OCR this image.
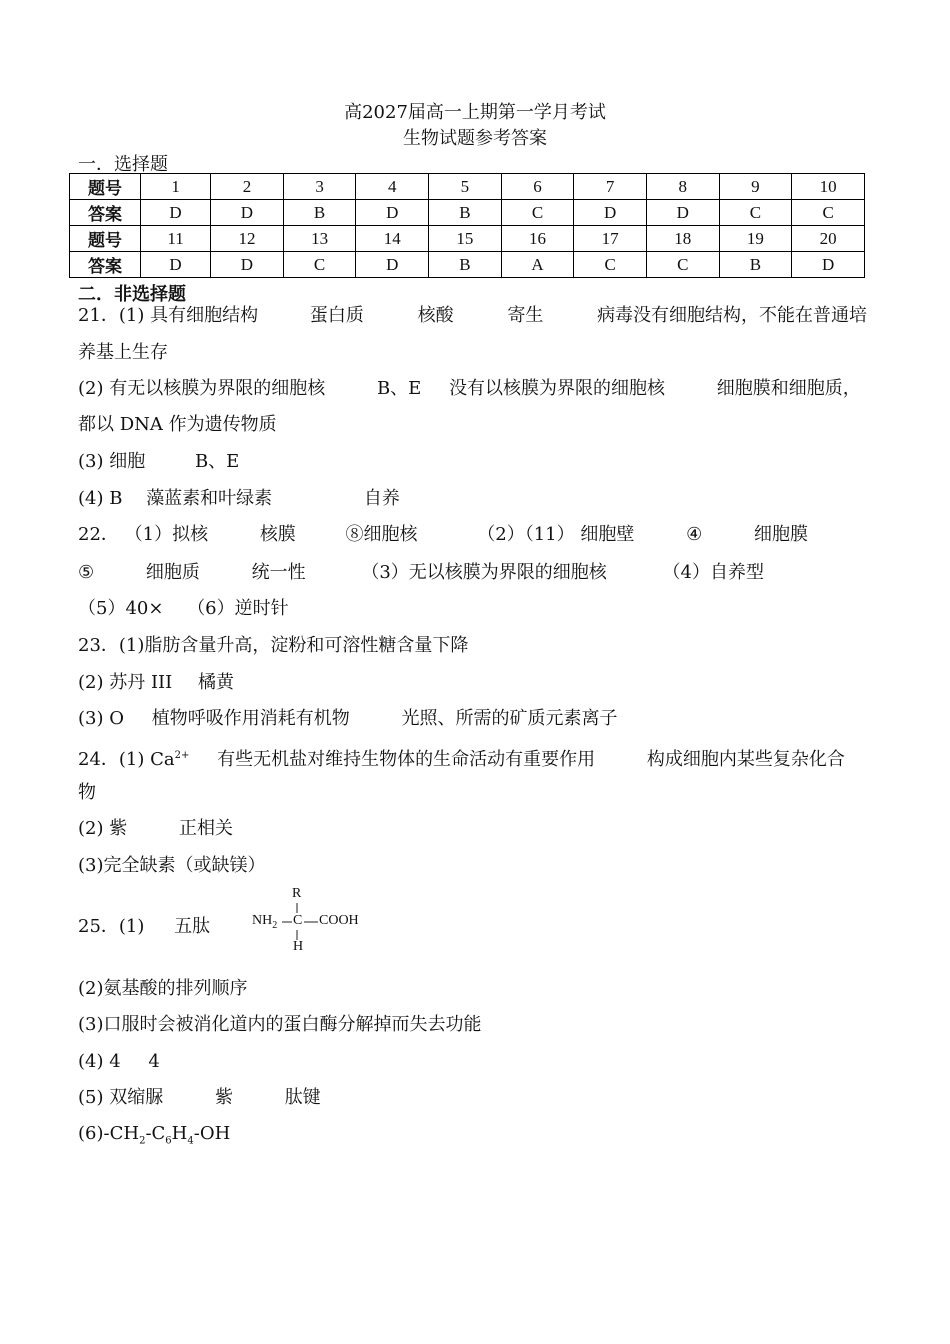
高2027届高一上期第一学月考试
生物试题参考答案
一．选择题
题号	1	2	3	4	5	6	7	8	9	10
答案	D	D	B	D	B	C	D	D	C	C
题号	11	12	13	14	15	16	17	18	19	20
答案	D	D	C	D	B	A	C	C	B	D
二．非选择题
21．(1) 具有细胞结构	蛋白质	核酸	寄生	病毒没有细胞结构，不能在普通培
养基上生存
(2) 有无以核膜为界限的细胞核	B、E 没有以核膜为界限的细胞核	细胞膜和细胞质，
都以 DNA 作为遗传物质
(3) 细胞	B、E
(4) B 藻蓝素和叶绿素	自养
22． （1）拟核	核膜	⑧细胞核	（2）（11） 细胞壁	④	细胞膜
⑤	细胞质	统一性	（3）无以核膜为界限的细胞核	（4）自养型
（5）40× （6）逆时针
23．(1)脂肪含量升高，淀粉和可溶性糖含量下降
(2) 苏丹 III 橘黄
(3) O 植物呼吸作用消耗有机物	光照、所需的矿质元素离子
24．(1) $Ca^{2+}$ 有些无机盐对维持生物体的生命活动有重要作用	构成细胞内某些复杂化合
物
(2) 紫	正相关
(3)完全缺素（或缺镁）
25．(1) 五肽
R
$NH_2$ C COOH
H
(2)氨基酸的排列顺序
(3)口服时会被消化道内的蛋白酶分解掉而失去功能
(4) 4 4
(5) 双缩脲	紫	肽键
$(6)-CH_2-C_6H_4-OH$
